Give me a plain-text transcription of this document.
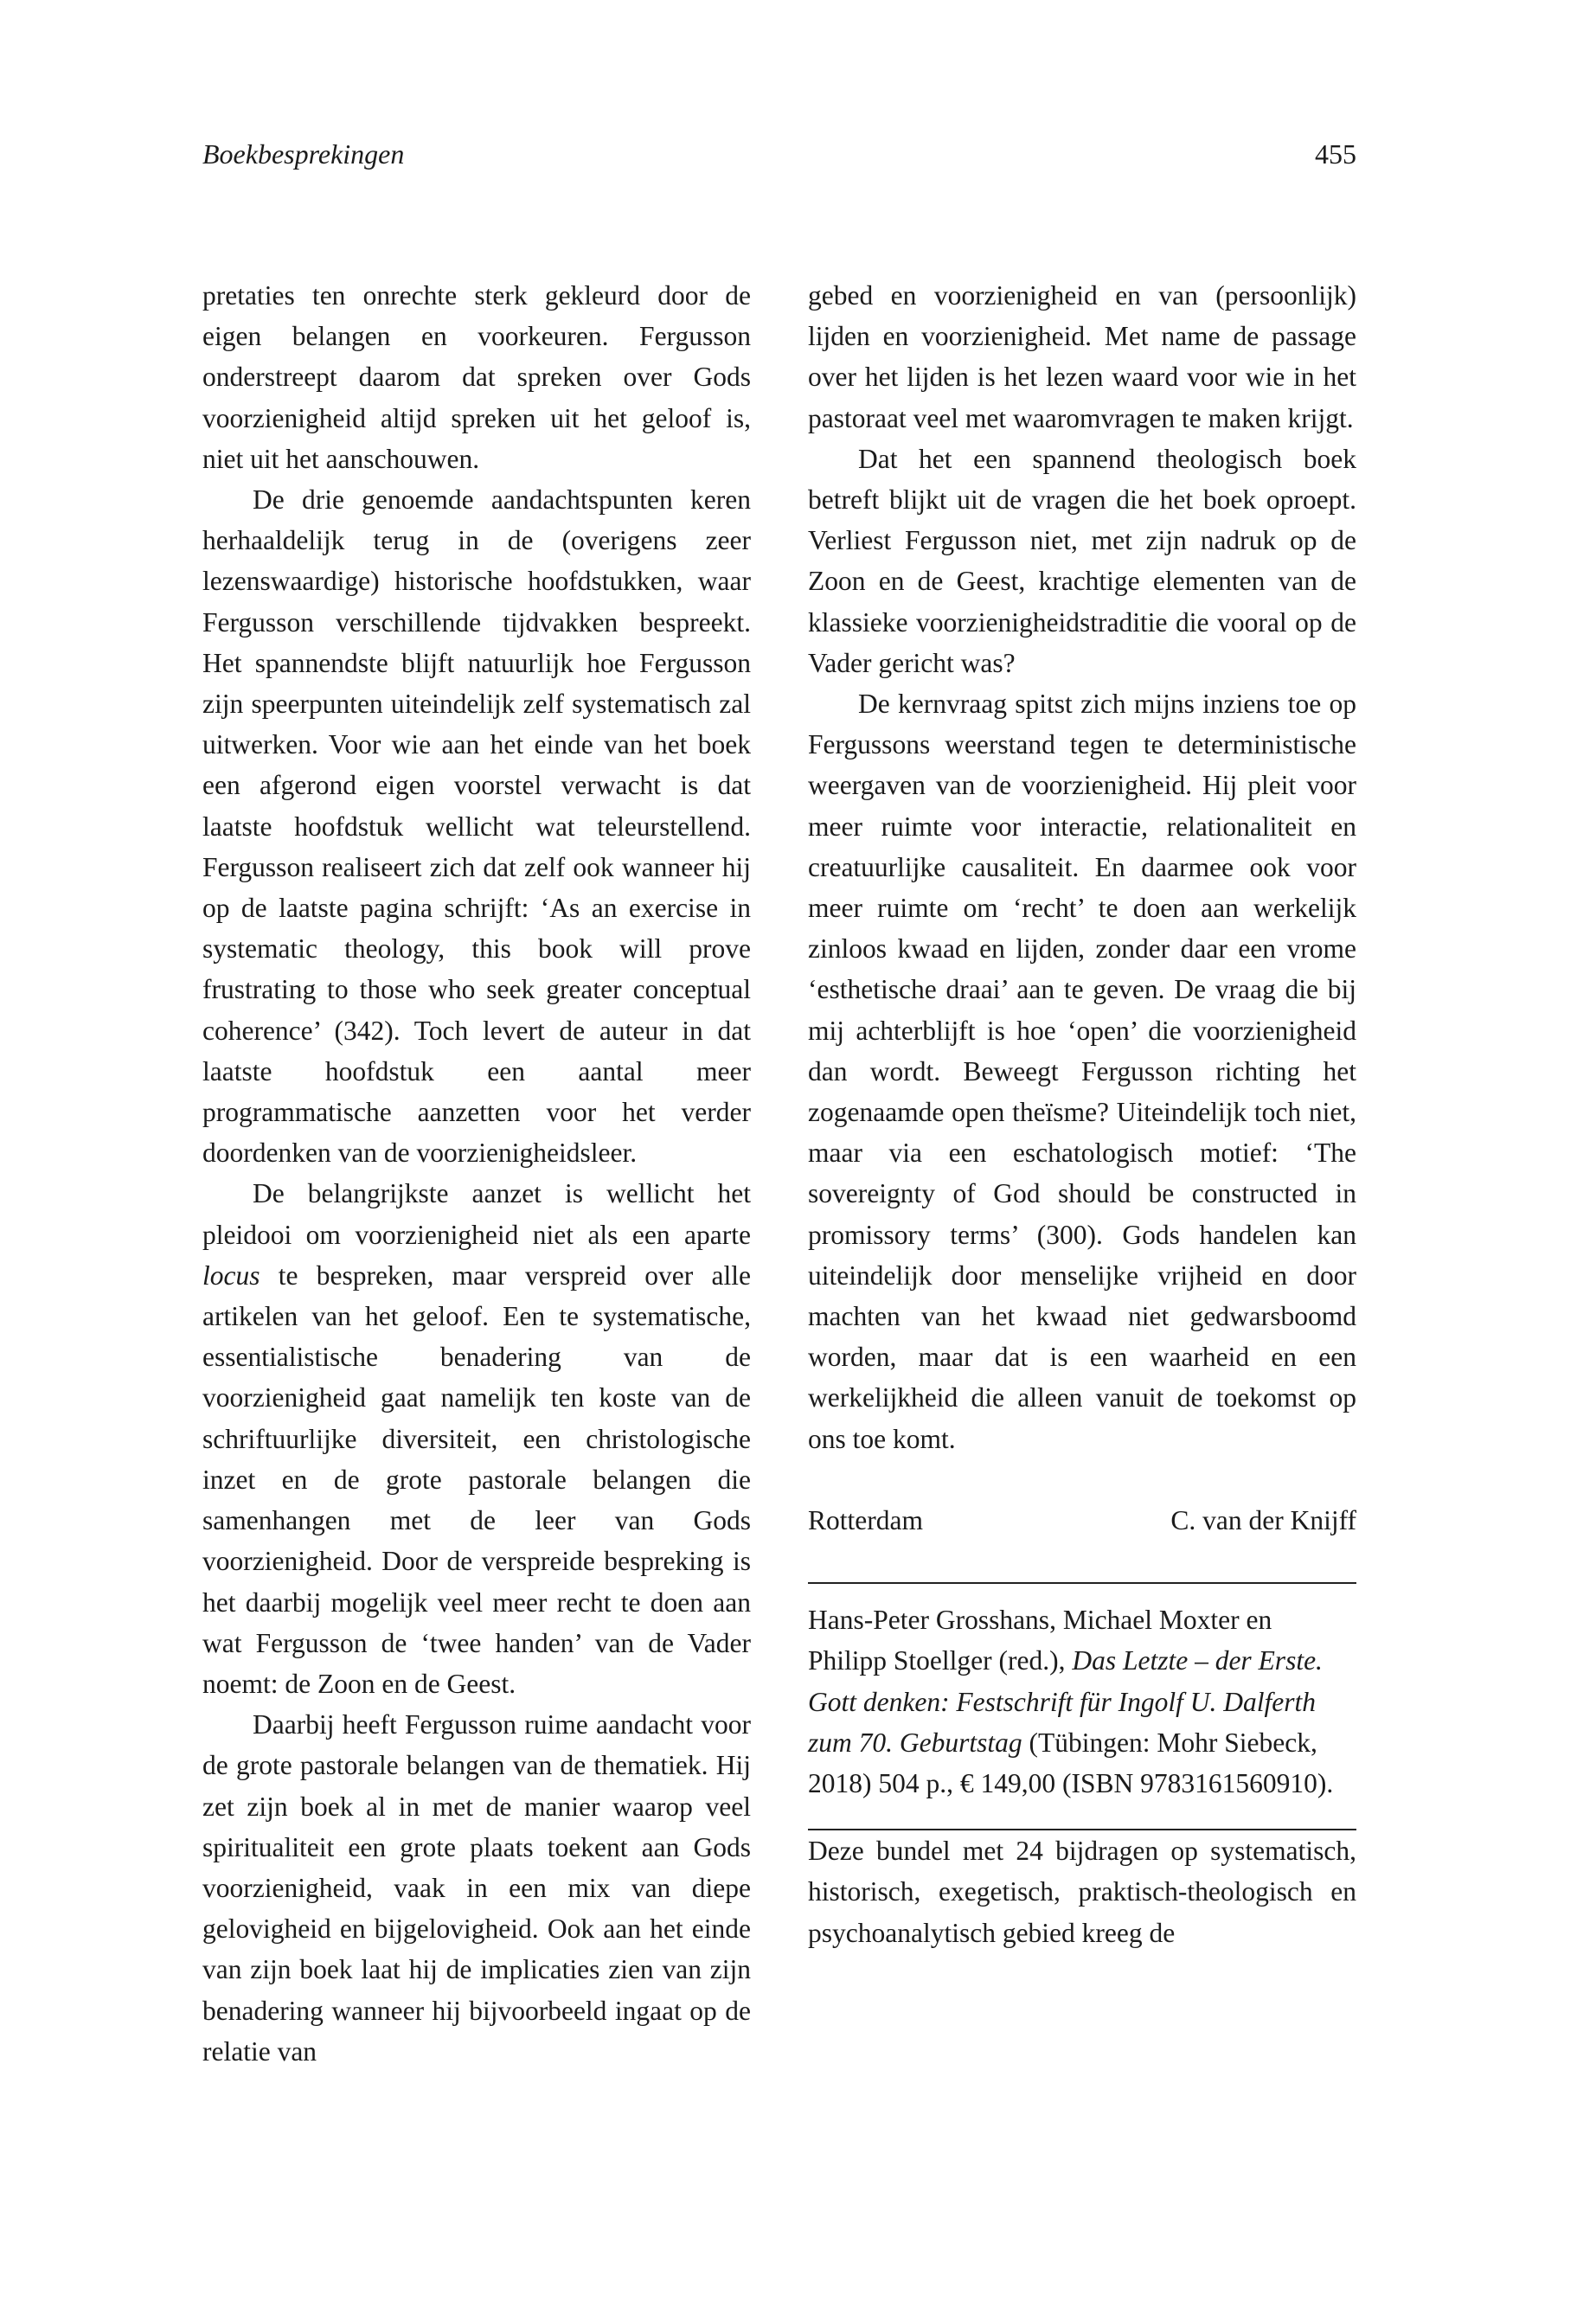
Boekbesprekingen	455

pretaties ten onrechte sterk gekleurd door de eigen belangen en voorkeuren. Fergusson onderstreept daarom dat spreken over Gods voorzienigheid altijd spreken uit het geloof is, niet uit het aanschouwen.

De drie genoemde aandachtspunten keren herhaaldelijk terug in de (overigens zeer lezenswaardige) historische hoofdstukken, waar Fergusson verschillende tijdvakken bespreekt. Het spannendste blijft natuurlijk hoe Fergusson zijn speerpunten uiteindelijk zelf systematisch zal uitwerken. Voor wie aan het einde van het boek een afgerond eigen voorstel verwacht is dat laatste hoofdstuk wellicht wat teleurstellend. Fergusson realiseert zich dat zelf ook wanneer hij op de laatste pagina schrijft: ‘As an exercise in systematic theology, this book will prove frustrating to those who seek greater conceptual coherence’ (342). Toch levert de auteur in dat laatste hoofdstuk een aantal meer programmatische aanzetten voor het verder doordenken van de voorzienigheidsleer.

De belangrijkste aanzet is wellicht het pleidooi om voorzienigheid niet als een aparte locus te bespreken, maar verspreid over alle artikelen van het geloof. Een te systematische, essentialistische benadering van de voorzienigheid gaat namelijk ten koste van de schriftuurlijke diversiteit, een christologische inzet en de grote pastorale belangen die samenhangen met de leer van Gods voorzienigheid. Door de verspreide bespreking is het daarbij mogelijk veel meer recht te doen aan wat Fergusson de ‘twee handen’ van de Vader noemt: de Zoon en de Geest.

Daarbij heeft Fergusson ruime aandacht voor de grote pastorale belangen van de thematiek. Hij zet zijn boek al in met de manier waarop veel spiritualiteit een grote plaats toekent aan Gods voorzienigheid, vaak in een mix van diepe gelovigheid en bijgelovigheid. Ook aan het einde van zijn boek laat hij de implicaties zien van zijn benadering wanneer hij bijvoorbeeld ingaat op de relatie van

gebed en voorzienigheid en van (persoonlijk) lijden en voorzienigheid. Met name de passage over het lijden is het lezen waard voor wie in het pastoraat veel met waaromvragen te maken krijgt.

Dat het een spannend theologisch boek betreft blijkt uit de vragen die het boek oproept. Verliest Fergusson niet, met zijn nadruk op de Zoon en de Geest, krachtige elementen van de klassieke voorzienigheidstraditie die vooral op de Vader gericht was?

De kernvraag spitst zich mijns inziens toe op Fergussons weerstand tegen te deterministische weergaven van de voorzienigheid. Hij pleit voor meer ruimte voor interactie, relationaliteit en creatuurlijke causaliteit. En daarmee ook voor meer ruimte om ‘recht’ te doen aan werkelijk zinloos kwaad en lijden, zonder daar een vrome ‘esthetische draai’ aan te geven. De vraag die bij mij achterblijft is hoe ‘open’ die voorzienigheid dan wordt. Beweegt Fergusson richting het zogenaamde open theïsme? Uiteindelijk toch niet, maar via een eschatologisch motief: ‘The sovereignty of God should be constructed in promissory terms’ (300). Gods handelen kan uiteindelijk door menselijke vrijheid en door machten van het kwaad niet gedwarsboomd worden, maar dat is een waarheid en een werkelijkheid die alleen vanuit de toekomst op ons toe komt.

Rotterdam	C. van der Knijff

Hans-Peter Grosshans, Michael Moxter en Philipp Stoellger (red.), Das Letzte – der Erste. Gott denken: Festschrift für Ingolf U. Dalferth zum 70. Geburtstag (Tübingen: Mohr Siebeck, 2018) 504 p., € 149,00 (ISBN 9783161560910).

Deze bundel met 24 bijdragen op systematisch, historisch, exegetisch, praktisch-theologisch en psychoanalytisch gebied kreeg de
